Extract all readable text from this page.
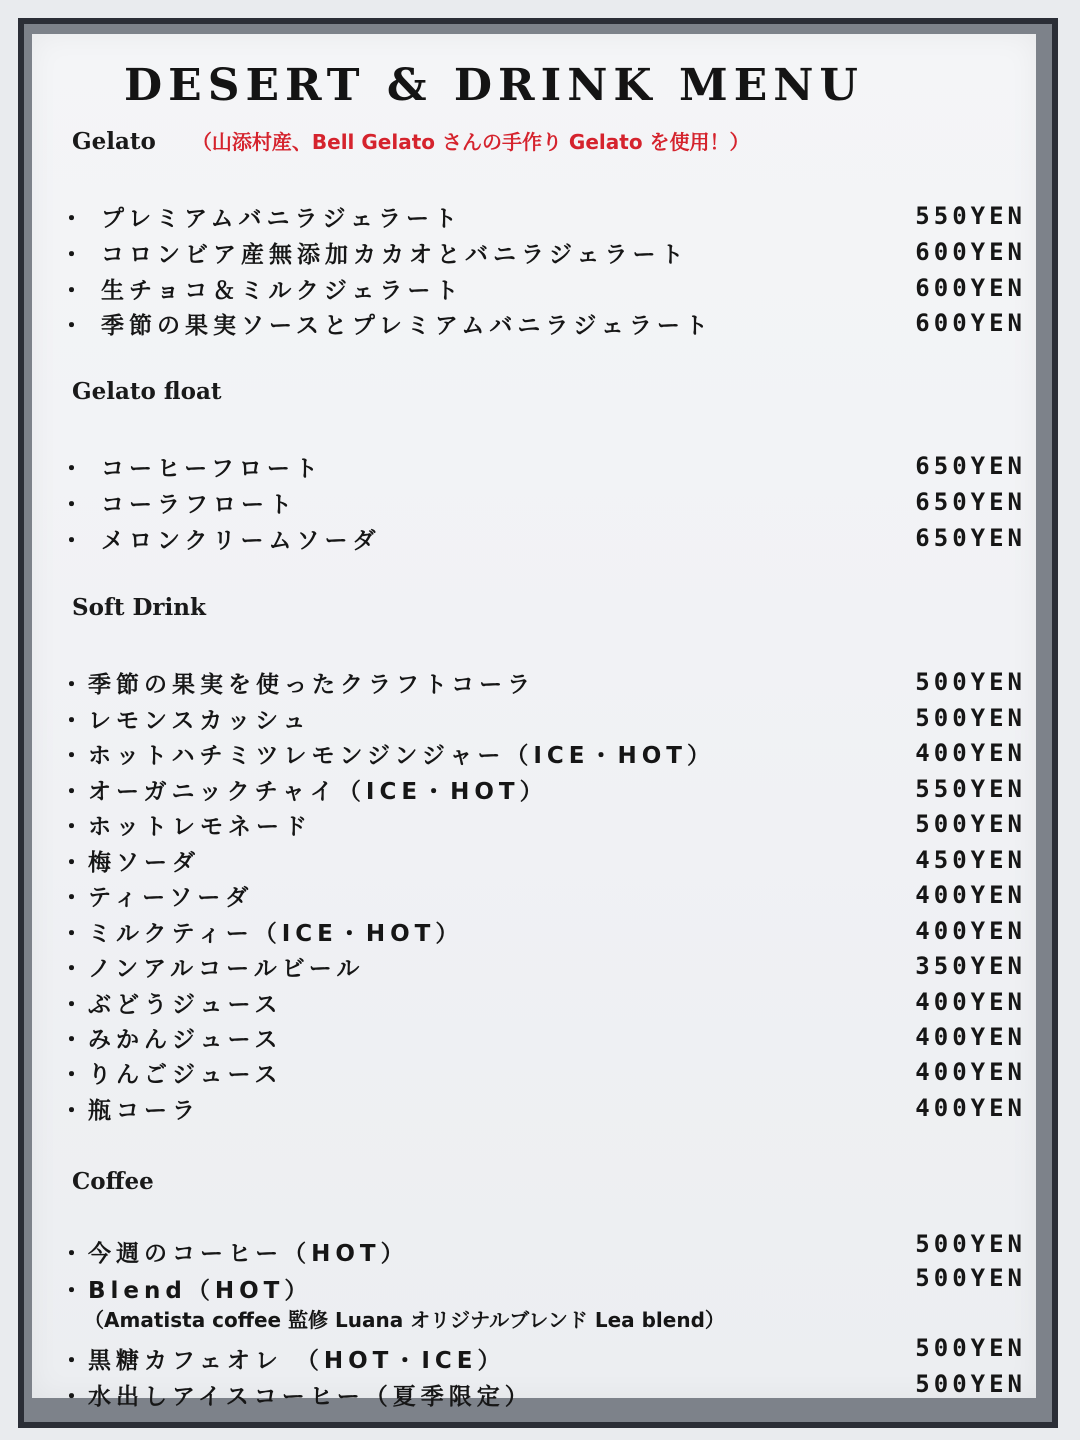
DESERT & DRINK MENU
Gelato （山添村産、Bell Gelato さんの手作り Gelato を使用！）
・ プレミアムバニラジェラート	550YEN
・ コロンビア産無添加カカオとバニラジェラート	600YEN
・ 生チョコ＆ミルクジェラート	600YEN
・ 季節の果実ソースとプレミアムバニラジェラート	600YEN
Gelato float
・ コーヒーフロート	650YEN
・ コーラフロート	650YEN
・ メロンクリームソーダ	650YEN
Soft Drink
・季節の果実を使ったクラフトコーラ	500YEN
・レモンスカッシュ	500YEN
・ホットハチミツレモンジンジャー（ICE・HOT）	400YEN
・オーガニックチャイ（ICE・HOT）	550YEN
・ホットレモネード	500YEN
・梅ソーダ	450YEN
・ティーソーダ	400YEN
・ミルクティー（ICE・HOT）	400YEN
・ノンアルコールビール	350YEN
・ぶどうジュース	400YEN
・みかんジュース	400YEN
・りんごジュース	400YEN
・瓶コーラ	400YEN
Coffee
・今週のコーヒー（HOT）	500YEN
・Blend（HOT）	500YEN
（Amatista coffee 監修 Luana オリジナルブレンド Lea blend）
・黒糖カフェオレ （HOT・ICE）	500YEN
・水出しアイスコーヒー（夏季限定）	500YEN
